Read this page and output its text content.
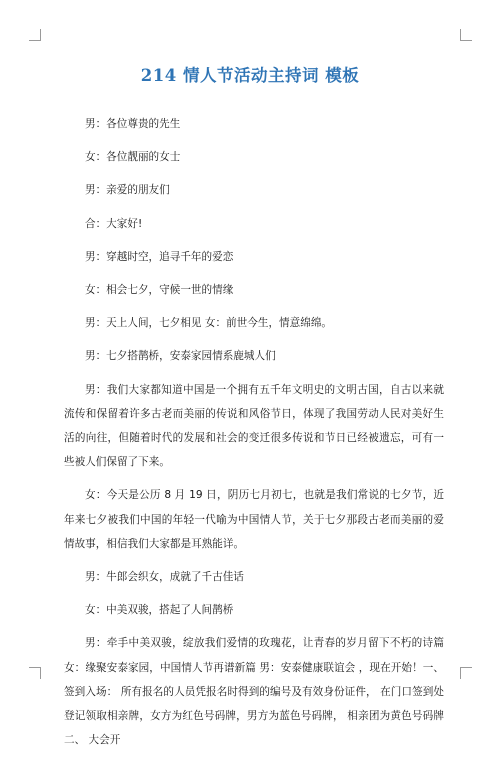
214 情人节活动主持词 模板

男：各位尊贵的先生

女：各位靓丽的女士

男：亲爱的朋友们

合：大家好!

男：穿越时空，追寻千年的爱恋

女：相会七夕，守候一世的情缘

男：天上人间，七夕相见 女：前世今生，情意绵绵。

男：七夕搭鹊桥，安泰家园情系鹿城人们

男：我们大家都知道中国是一个拥有五千年文明史的文明古国，自古以来就流传和保留着许多古老而美丽的传说和风俗节日，体现了我国劳动人民对美好生活的向往，但随着时代的发展和社会的变迁很多传说和节日已经被遗忘，可有一些被人们保留了下来。

女：今天是公历 8 月 19 日，阴历七月初七，也就是我们常说的七夕节，近年来七夕被我们中国的年轻一代喻为中国情人节，关于七夕那段古老而美丽的爱情故事，相信我们大家都是耳熟能详。

男：牛郎会织女，成就了千古佳话

女：中美双骏，搭起了人间鹊桥

男：牵手中美双骏，绽放我们爱情的玫瑰花，让青春的岁月留下不朽的诗篇 女：缘聚安泰家园，中国情人节再谱新篇 男：安泰健康联谊会 ，现在开始！一、 签到入场： 所有报名的人员凭报名时得到的编号及有效身份证件， 在门口签到处登记领取相亲牌，女方为红色号码牌，男方为蓝色号码牌， 相亲团为黄色号码牌 二、 大会开
